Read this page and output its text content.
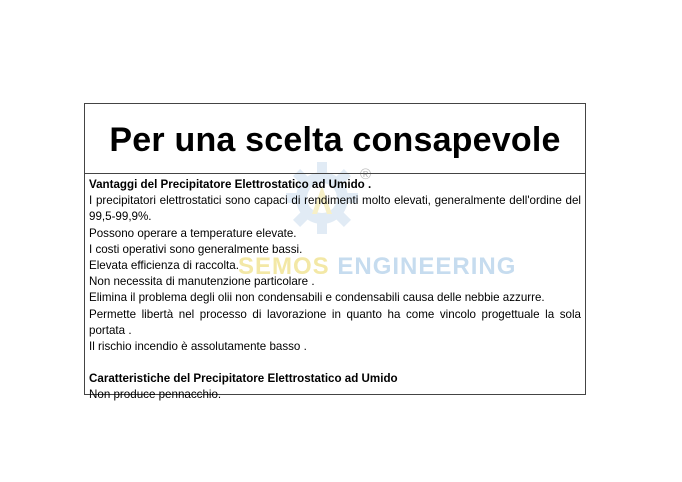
®
SEMOS ENGINEERING
Per una scelta consapevole

Vantaggi del Precipitatore Elettrostatico ad Umido .

I precipitatori elettrostatici sono capaci di rendimenti molto elevati, generalmente dell'ordine del 99,5-99,9%.

Possono operare a temperature elevate.

I costi operativi sono generalmente bassi.

Elevata efficienza di raccolta.

Non necessita di manutenzione particolare .

Elimina il problema degli olii non condensabili e condensabili causa delle nebbie azzurre.

Permette libertà nel processo di lavorazione in quanto ha come vincolo progettuale la sola portata .

Il rischio incendio è assolutamente basso .

Caratteristiche del Precipitatore Elettrostatico ad Umido

Non produce pennacchio.
